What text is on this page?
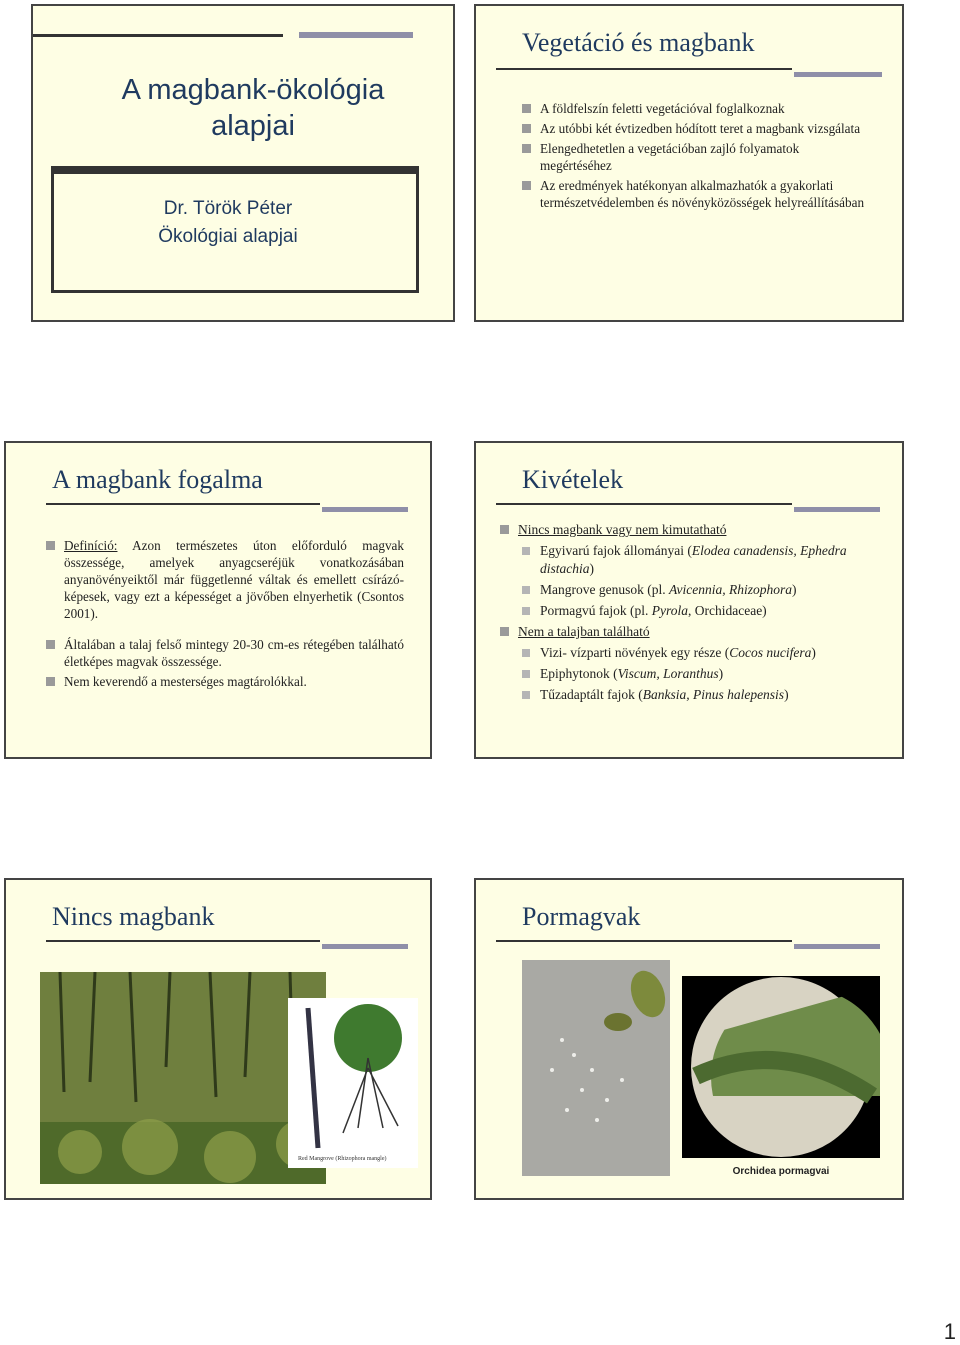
A magbank-ökológia alapjai
Dr. Török Péter
Ökológiai alapjai
Vegetáció és magbank
A földfelszín feletti vegetációval foglalkoznak
Az utóbbi két évtizedben hódított teret a magbank vizsgálata
Elengedhetetlen a vegetációban zajló folyamatok megértéséhez
Az eredmények hatékonyan alkalmazhatók a gyakorlati természetvédelemben és növényközösségek helyreállításában
A magbank fogalma
Definíció: Azon természetes úton előforduló magvak összessége, amelyek anyagcseréjük vonatkozásában anyanövényeiktől már függetlenné váltak és emellett csírázó-képesek, vagy ezt a képességet a jövőben elnyerhetik (Csontos 2001).
Általában a talaj felső mintegy 20-30 cm-es rétegében található életképes magvak összessége.
Nem keverendő a mesterséges magtárolókkal.
Kivételek
Nincs magbank vagy nem kimutatható
Egyivarú fajok állományai (Elodea canadensis, Ephedra distachia)
Mangrove genusok (pl. Avicennia, Rhizophora)
Pormagvú fajok (pl. Pyrola, Orchidaceae)
Nem a talajban található
Vizi- vízparti növények egy része (Cocos nucifera)
Epiphytonok (Viscum, Loranthus)
Tűzadaptált fajok (Banksia, Pinus halepensis)
Nincs magbank
Red Mangrove (Rhizophora mangle)
Pormagvak
Orchidea pormagvai
1
